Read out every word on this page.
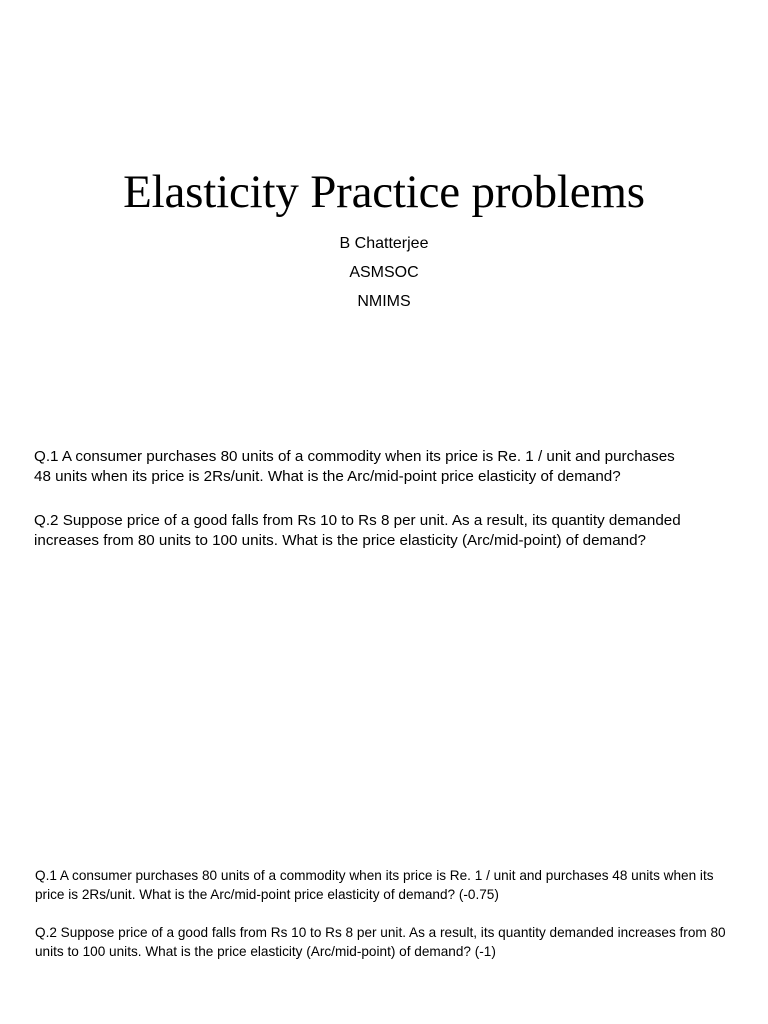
Elasticity Practice problems
B Chatterjee
ASMSOC
NMIMS

Q.1 A consumer purchases 80 units of a commodity when its price is Re. 1 / unit and purchases 48 units when its price is 2Rs/unit. What is the Arc/mid-point price elasticity of demand?

Q.2 Suppose price of a good falls from Rs 10 to Rs 8 per unit. As a result, its quantity demanded increases from 80 units to 100 units. What is the price elasticity (Arc/mid-point) of demand?

Q.1 A consumer purchases 80 units of a commodity when its price is Re. 1 / unit and purchases 48 units when its price is 2Rs/unit. What is the Arc/mid-point price elasticity of demand? (-0.75)

Q.2 Suppose price of a good falls from Rs 10 to Rs 8 per unit. As a result, its quantity demanded increases from 80 units to 100 units. What is the price elasticity (Arc/mid-point) of demand? (-1)
